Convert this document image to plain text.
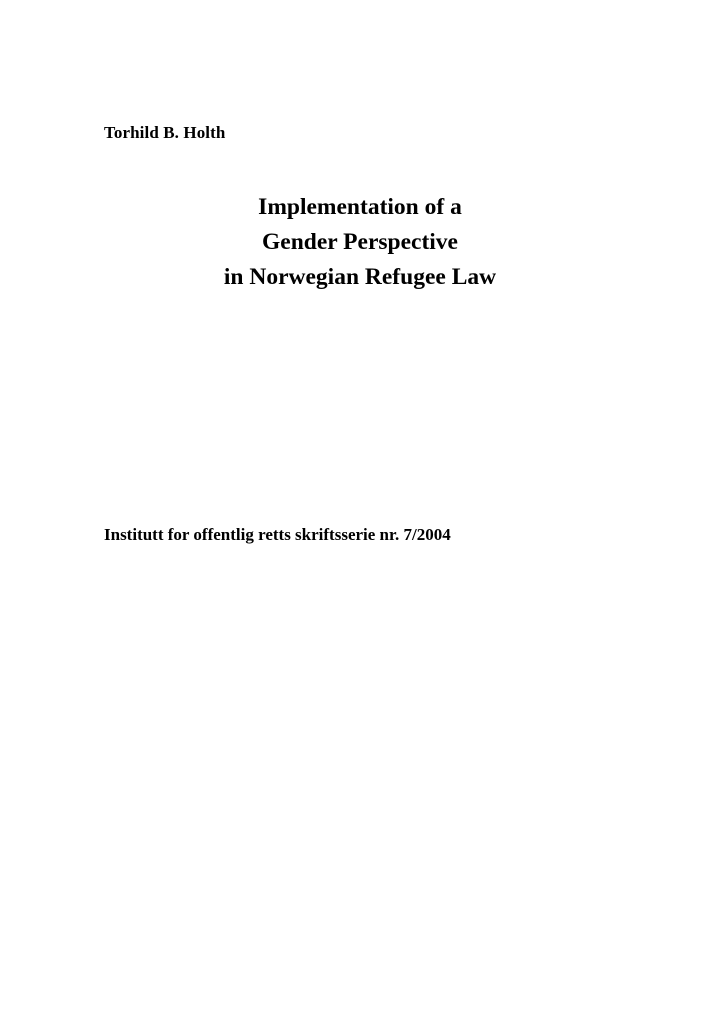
Torhild B. Holth
Implementation of a
Gender Perspective
in Norwegian Refugee Law
Institutt for offentlig retts skriftsserie nr. 7/2004
